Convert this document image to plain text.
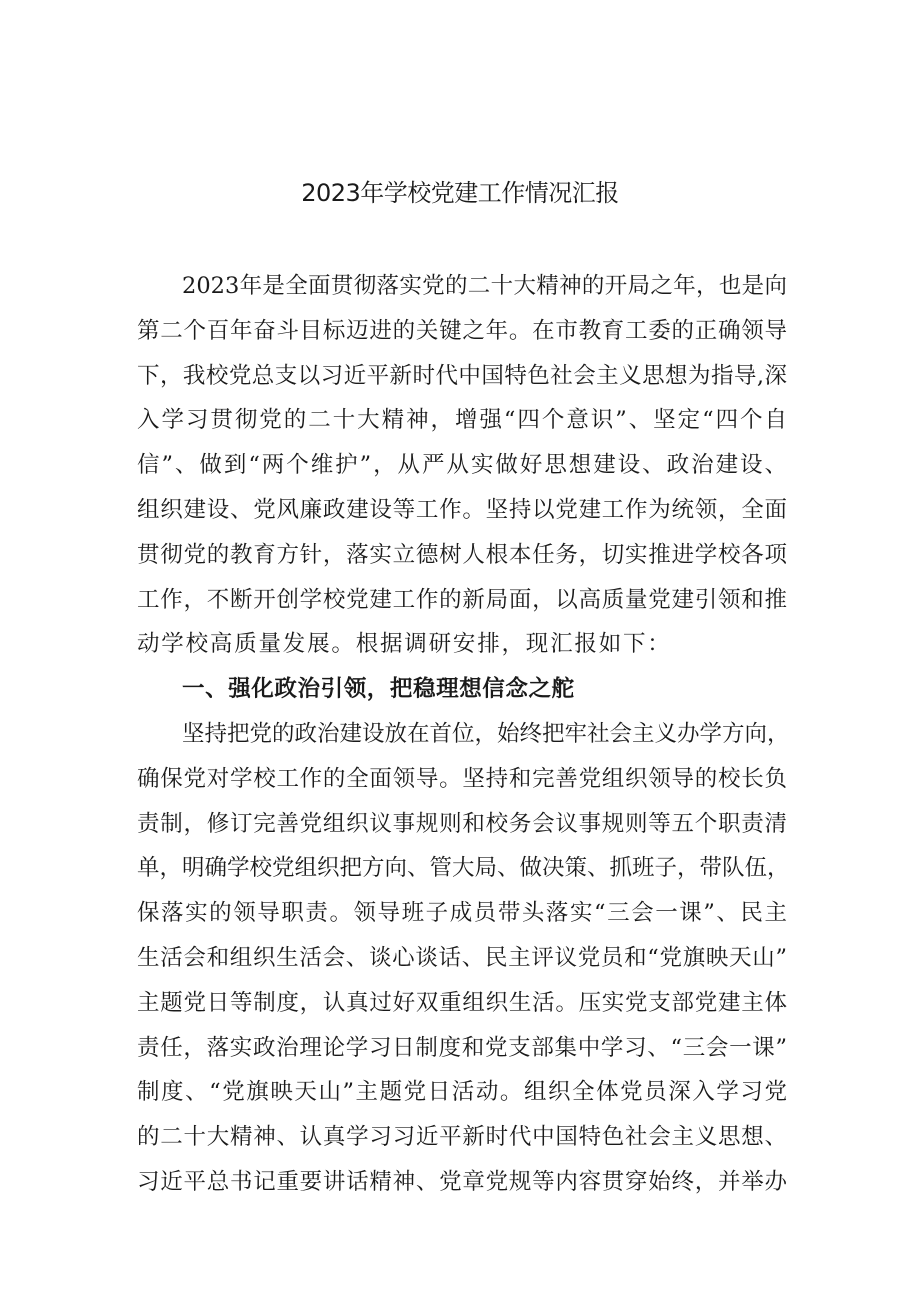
2023年学校党建工作情况汇报
2023年是全面贯彻落实党的二十大精神的开局之年，也是向
第二个百年奋斗目标迈进的关键之年。在市教育工委的正确领导
下，我校党总支以习近平新时代中国特色社会主义思想为指导,深
入学习贯彻党的二十大精神，增强“四个意识”、坚定“四个自
信”、做到“两个维护”，从严从实做好思想建设、政治建设、
组织建设、党风廉政建设等工作。坚持以党建工作为统领，全面
贯彻党的教育方针，落实立德树人根本任务，切实推进学校各项
工作，不断开创学校党建工作的新局面，以高质量党建引领和推
动学校高质量发展。根据调研安排，现汇报如下：
一、强化政治引领，把稳理想信念之舵
坚持把党的政治建设放在首位，始终把牢社会主义办学方向，
确保党对学校工作的全面领导。坚持和完善党组织领导的校长负
责制，修订完善党组织议事规则和校务会议事规则等五个职责清
单，明确学校党组织把方向、管大局、做决策、抓班子，带队伍，
保落实的领导职责。领导班子成员带头落实“三会一课”、民主
生活会和组织生活会、谈心谈话、民主评议党员和“党旗映天山”
主题党日等制度，认真过好双重组织生活。压实党支部党建主体
责任，落实政治理论学习日制度和党支部集中学习、“三会一课”
制度、“党旗映天山”主题党日活动。组织全体党员深入学习党
的二十大精神、认真学习习近平新时代中国特色社会主义思想、
习近平总书记重要讲话精神、党章党规等内容贯穿始终，并举办
